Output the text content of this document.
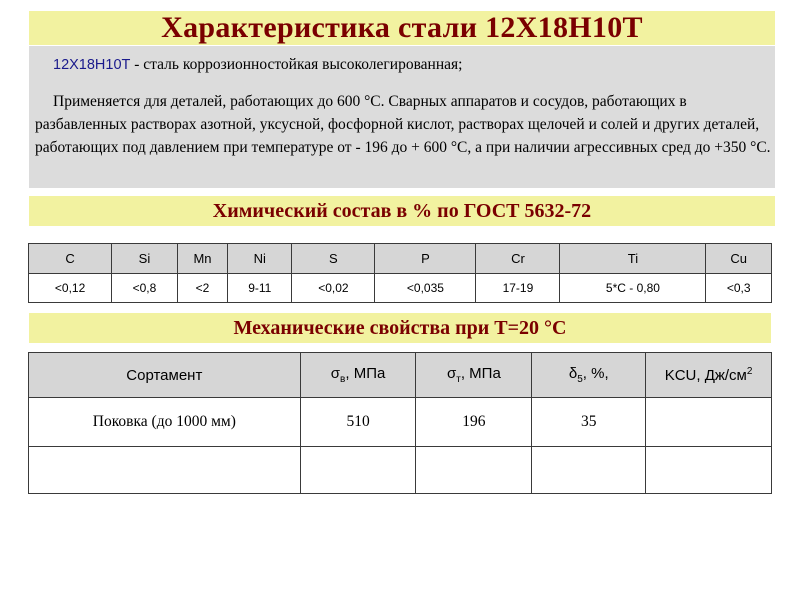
Характеристика стали 12Х18Н10Т
12Х18Н10Т - сталь коррозионностойкая высоколегированная;
Применяется для деталей, работающих до 600 °С. Сварных аппаратов и сосудов, работающих в разбавленных растворах азотной, уксусной, фосфорной кислот, растворах щелочей и солей и других деталей, работающих под давлением при температуре от - 196 до + 600 °С, а при наличии агрессивных сред до +350 °С.
Химический состав в % по ГОСТ 5632-72
C	Si	Mn	Ni	S	P	Cr	Ti	Cu
<0,12	<0,8	<2	9-11	<0,02	<0,035	17-19	5*C - 0,80	<0,3
Механические свойства при Т=20 °С
Сортамент	$\sigma_в$, МПа	$\sigma_т$, МПа	$\delta_5$, %,	KCU, $Дж/см^2$
Поковка (до 1000 мм)	510	196	35	
